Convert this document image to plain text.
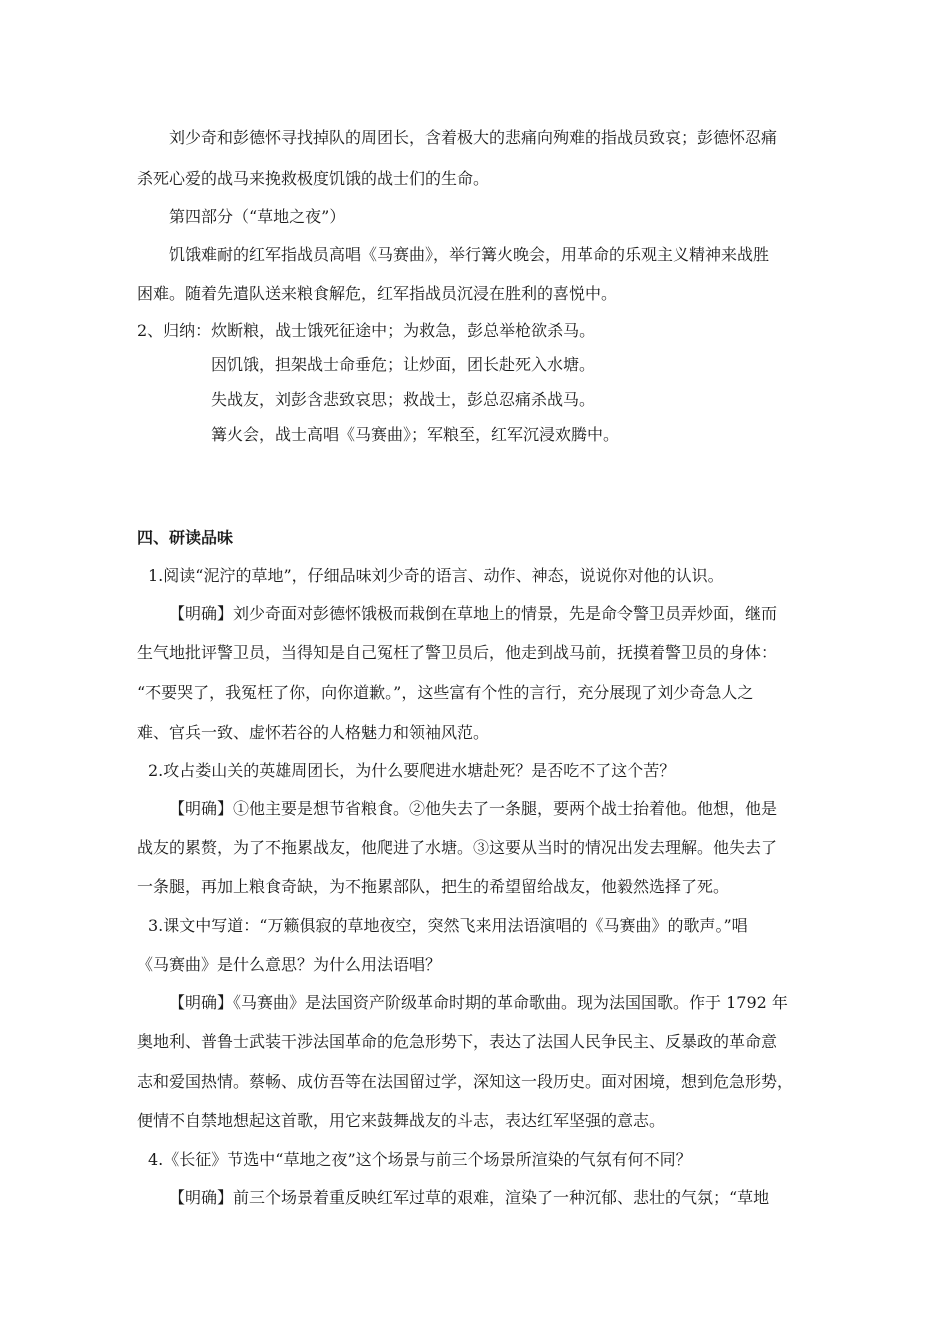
刘少奇和彭德怀寻找掉队的周团长，含着极大的悲痛向殉难的指战员致哀；彭德怀忍痛
杀死心爱的战马来挽救极度饥饿的战士们的生命。
第四部分（“草地之夜”）
饥饿难耐的红军指战员高唱《马赛曲》，举行篝火晚会，用革命的乐观主义精神来战胜
困难。随着先遣队送来粮食解危，红军指战员沉浸在胜利的喜悦中。
2、归纳：炊断粮，战士饿死征途中；为救急，彭总举枪欲杀马。
因饥饿，担架战士命垂危；让炒面，团长赴死入水塘。
失战友，刘彭含悲致哀思；救战士，彭总忍痛杀战马。
篝火会，战士高唱《马赛曲》；军粮至，红军沉浸欢腾中。
四、研读品味
1.阅读“泥泞的草地”，仔细品味刘少奇的语言、动作、神态，说说你对他的认识。
【明确】刘少奇面对彭德怀饿极而栽倒在草地上的情景，先是命令警卫员弄炒面，继而
生气地批评警卫员，当得知是自己冤枉了警卫员后，他走到战马前，抚摸着警卫员的身体：
“不要哭了，我冤枉了你，向你道歉。”，这些富有个性的言行，充分展现了刘少奇急人之
难、官兵一致、虚怀若谷的人格魅力和领袖风范。
2.攻占娄山关的英雄周团长，为什么要爬进水塘赴死？是否吃不了这个苦？
【明确】①他主要是想节省粮食。②他失去了一条腿，要两个战士抬着他。他想，他是
战友的累赘，为了不拖累战友，他爬进了水塘。③这要从当时的情况出发去理解。他失去了
一条腿，再加上粮食奇缺，为不拖累部队，把生的希望留给战友，他毅然选择了死。
3.课文中写道：“万籁俱寂的草地夜空，突然飞来用法语演唱的《马赛曲》的歌声。”唱
《马赛曲》是什么意思？为什么用法语唱？
【明确】《马赛曲》是法国资产阶级革命时期的革命歌曲。现为法国国歌。作于 1792 年
奥地利、普鲁士武装干涉法国革命的危急形势下，表达了法国人民争民主、反暴政的革命意
志和爱国热情。蔡畅、成仿吾等在法国留过学，深知这一段历史。面对困境，想到危急形势，
便情不自禁地想起这首歌，用它来鼓舞战友的斗志，表达红军坚强的意志。
4.《长征》节选中“草地之夜”这个场景与前三个场景所渲染的气氛有何不同？
【明确】前三个场景着重反映红军过草的艰难，渲染了一种沉郁、悲壮的气氛；“草地
